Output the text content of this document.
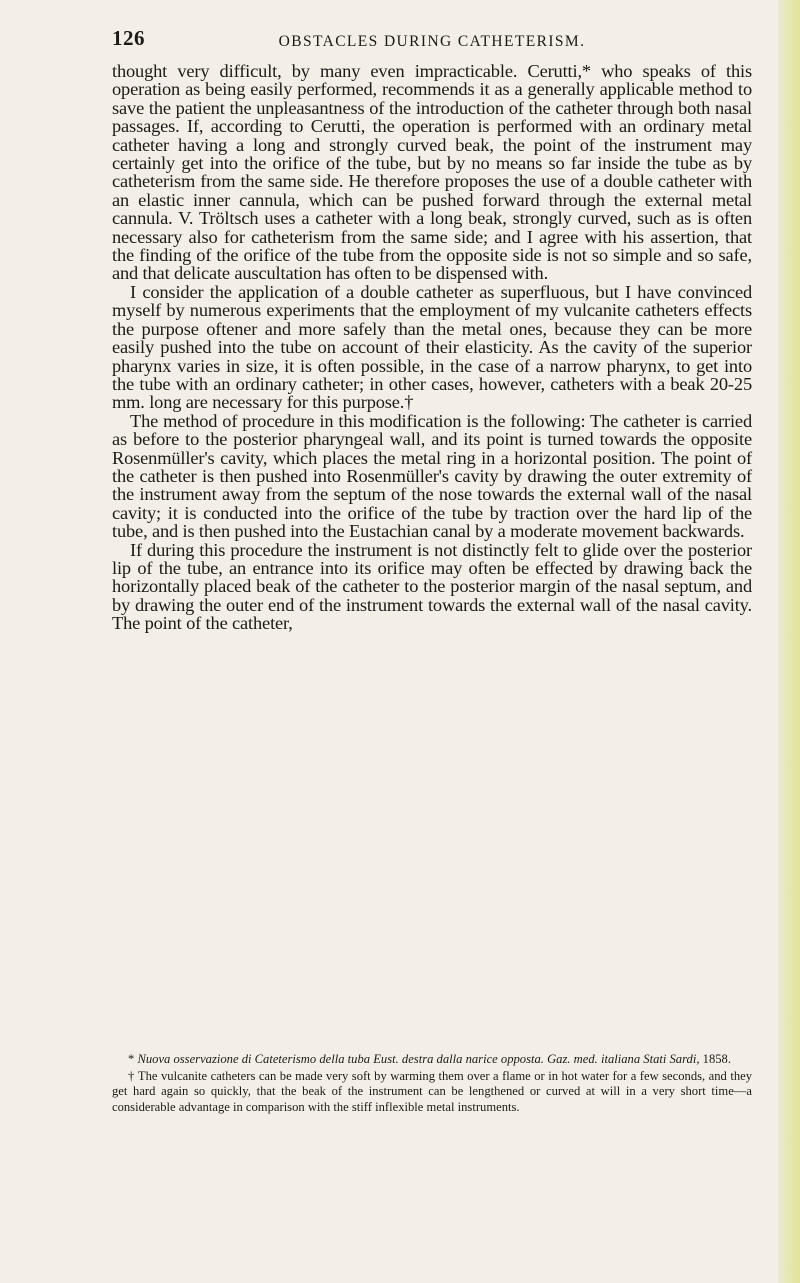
126	OBSTACLES DURING CATHETERISM.

thought very difficult, by many even impracticable. Cerutti,* who speaks of this operation as being easily performed, recommends it as a generally applicable method to save the patient the unpleasantness of the introduction of the catheter through both nasal passages. If, according to Cerutti, the operation is performed with an ordinary metal catheter having a long and strongly curved beak, the point of the instrument may certainly get into the orifice of the tube, but by no means so far inside the tube as by catheterism from the same side. He therefore proposes the use of a double catheter with an elastic inner cannula, which can be pushed forward through the external metal cannula. V. Tröltsch uses a catheter with a long beak, strongly curved, such as is often necessary also for catheterism from the same side; and I agree with his assertion, that the finding of the orifice of the tube from the opposite side is not so simple and so safe, and that delicate auscultation has often to be dispensed with.

I consider the application of a double catheter as superfluous, but I have convinced myself by numerous experiments that the employment of my vulcanite catheters effects the purpose oftener and more safely than the metal ones, because they can be more easily pushed into the tube on account of their elasticity. As the cavity of the superior pharynx varies in size, it is often possible, in the case of a narrow pharynx, to get into the tube with an ordinary catheter; in other cases, however, catheters with a beak 20-25 mm. long are necessary for this purpose.†

The method of procedure in this modification is the following: The catheter is carried as before to the posterior pharyngeal wall, and its point is turned towards the opposite Rosenmüller's cavity, which places the metal ring in a horizontal position. The point of the catheter is then pushed into Rosenmüller's cavity by drawing the outer extremity of the instrument away from the septum of the nose towards the external wall of the nasal cavity; it is conducted into the orifice of the tube by traction over the hard lip of the tube, and is then pushed into the Eustachian canal by a moderate movement backwards.

If during this procedure the instrument is not distinctly felt to glide over the posterior lip of the tube, an entrance into its orifice may often be effected by drawing back the horizontally placed beak of the catheter to the posterior margin of the nasal septum, and by drawing the outer end of the instrument towards the external wall of the nasal cavity. The point of the catheter,

* Nuova osservazione di Cateterismo della tuba Eust. destra dalla narice opposta. Gaz. med. italiana Stati Sardi, 1858.

† The vulcanite catheters can be made very soft by warming them over a flame or in hot water for a few seconds, and they get hard again so quickly, that the beak of the instrument can be lengthened or curved at will in a very short time—a considerable advantage in comparison with the stiff inflexible metal instruments.
